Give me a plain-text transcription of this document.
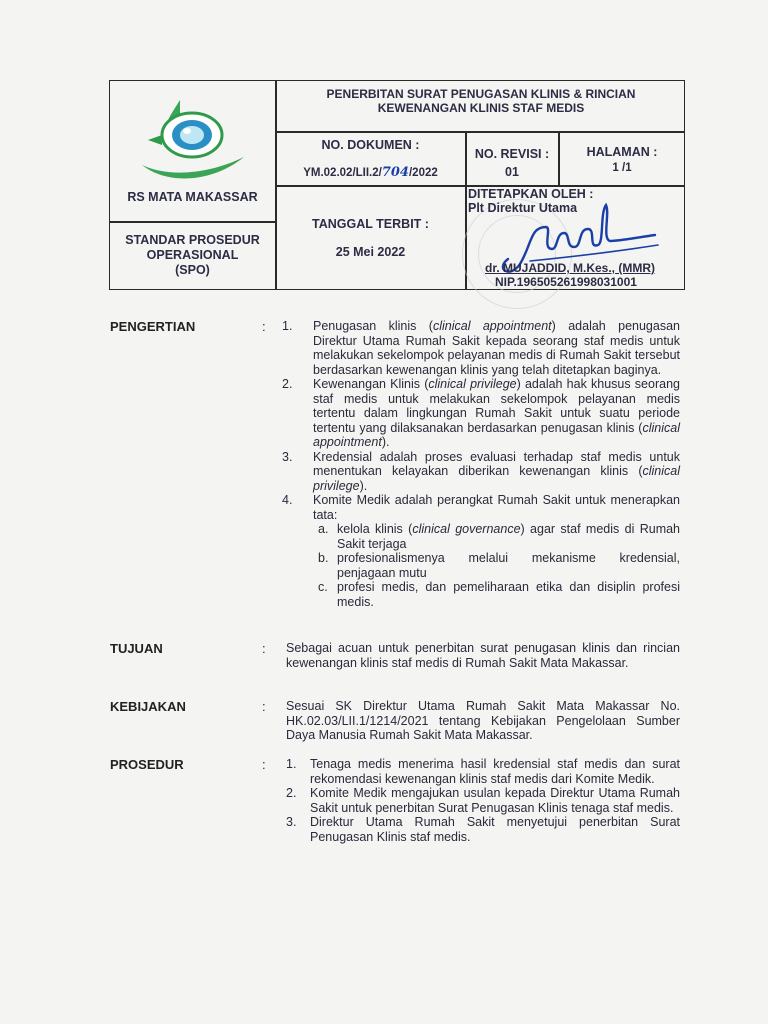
RS MATA MAKASSAR
STANDAR PROSEDUR
OPERASIONAL
(SPO)
PENERBITAN SURAT PENUGASAN KLINIS & RINCIAN
KEWENANGAN KLINIS STAF MEDIS
NO. DOKUMEN :
YM.02.02/LII.2/704/2022
NO. REVISI :
01
HALAMAN :
1 /1
TANGGAL TERBIT :
25 Mei 2022
DITETAPKAN OLEH :
Plt Direktur Utama
dr. MUJADDID, M.Kes., (MMR)
NIP.196505261998031001
PENGERTIAN	: 1. Penugasan klinis (clinical appointment) adalah penugasan Direktur Utama Rumah Sakit kepada seorang staf medis untuk melakukan sekelompok pelayanan medis di Rumah Sakit tersebut berdasarkan kewenangan klinis yang telah ditetapkan baginya.
2. Kewenangan Klinis (clinical privilege) adalah hak khusus seorang staf medis untuk melakukan sekelompok pelayanan medis tertentu dalam lingkungan Rumah Sakit untuk suatu periode tertentu yang dilaksanakan berdasarkan penugasan klinis (clinical appointment).
3. Kredensial adalah proses evaluasi terhadap staf medis untuk menentukan kelayakan diberikan kewenangan klinis (clinical privilege).
4. Komite Medik adalah perangkat Rumah Sakit untuk menerapkan tata:
a. kelola klinis (clinical governance) agar staf medis di Rumah Sakit terjaga
b. profesionalismenya melalui mekanisme kredensial, penjagaan mutu
c. profesi medis, dan pemeliharaan etika dan disiplin profesi medis.
TUJUAN	: Sebagai acuan untuk penerbitan surat penugasan klinis dan rincian kewenangan klinis staf medis di Rumah Sakit Mata Makassar.
KEBIJAKAN	: Sesuai SK Direktur Utama Rumah Sakit Mata Makassar No. HK.02.03/LII.1/1214/2021 tentang Kebijakan Pengelolaan Sumber Daya Manusia Rumah Sakit Mata Makassar.
PROSEDUR	: 1. Tenaga medis menerima hasil kredensial staf medis dan surat rekomendasi kewenangan klinis staf medis dari Komite Medik.
2. Komite Medik mengajukan usulan kepada Direktur Utama Rumah Sakit untuk penerbitan Surat Penugasan Klinis tenaga staf medis.
3. Direktur Utama Rumah Sakit menyetujui penerbitan Surat Penugasan Klinis staf medis.
